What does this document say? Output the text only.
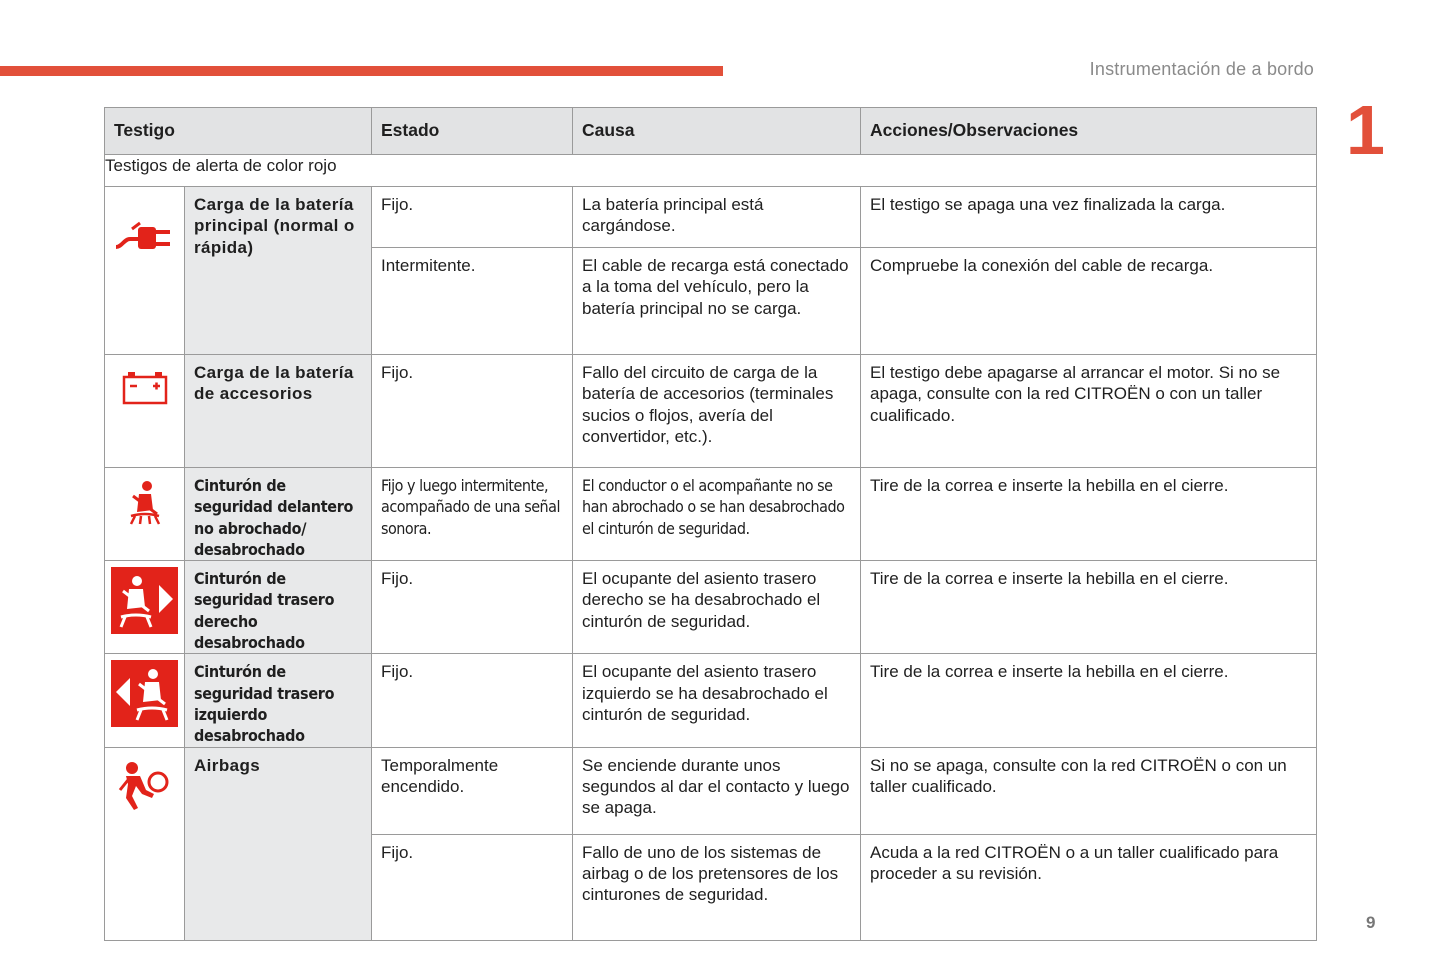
Instrumentación de a bordo
1
9
Testigo		Estado	Causa	Acciones/Observaciones
Testigos de alerta de color rojo				

Carga de la batería principal (normal o rápida)	Fijo.	La batería principal está cargándose.	El testigo se apaga una vez finalizada la carga.

		Intermitente.	El cable de recarga está conectado a la toma del vehículo, pero la batería principal no se carga.	Compruebe la conexión del cable de recarga.

Carga de la batería de accesorios	Fijo.	Fallo del circuito de carga de la batería de accesorios (terminales sucios o flojos, avería del convertidor, etc.).	El testigo debe apagarse al arrancar el motor. Si no se apaga, consulte con la red CITROËN o con un taller cualificado.

Cinturón de seguridad delantero no abrochado/ desabrochado	Fijo y luego intermitente, acompañado de una señal sonora.	El conductor o el acompañante no se han abrochado o se han desabrochado el cinturón de seguridad.	Tire de la correa e inserte la hebilla en el cierre.

Cinturón de seguridad trasero derecho desabrochado	Fijo.	El ocupante del asiento trasero derecho se ha desabrochado el cinturón de seguridad.	Tire de la correa e inserte la hebilla en el cierre.

Cinturón de seguridad trasero izquierdo desabrochado	Fijo.	El ocupante del asiento trasero izquierdo se ha desabrochado el cinturón de seguridad.	Tire de la correa e inserte la hebilla en el cierre.

Airbags	Temporalmente encendido.	Se enciende durante unos segundos al dar el contacto y luego se apaga.	Si no se apaga, consulte con la red CITROËN o con un taller cualificado.

		Fijo.	Fallo de uno de los sistemas de airbag o de los pretensores de los cinturones de seguridad.	Acuda a la red CITROËN o a un taller cualificado para proceder a su revisión.
